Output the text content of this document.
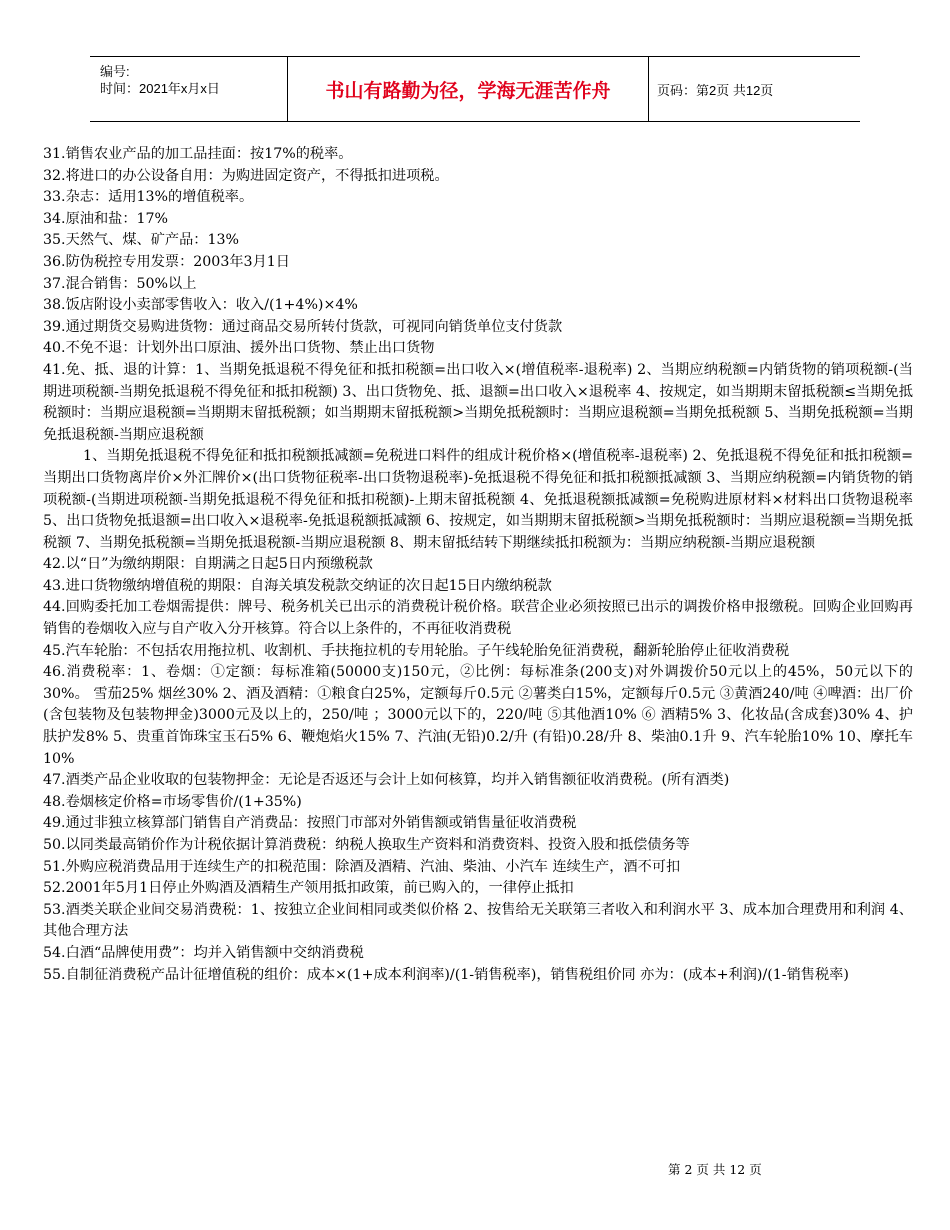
编号:
时间：2021年x月x日	书山有路勤为径，学海无涯苦作舟	页码：第2页 共12页

31.销售农业产品的加工品挂面：按17%的税率。

32.将进口的办公设备自用：为购进固定资产，不得抵扣进项税。

33.杂志：适用13%的增值税率。

34.原油和盐：17%

35.天然气、煤、矿产品：13%

36.防伪税控专用发票：2003年3月1日

37.混合销售：50%以上

38.饭店附设小卖部零售收入：收入/(1+4%)×4%

39.通过期货交易购进货物：通过商品交易所转付货款，可视同向销货单位支付货款

40.不免不退：计划外出口原油、援外出口货物、禁止出口货物

41.免、抵、退的计算：1、当期免抵退税不得免征和抵扣税额=出口收入×(增值税率-退税率) 2、当期应纳税额=内销货物的销项税额-(当期进项税额-当期免抵退税不得免征和抵扣税额) 3、出口货物免、抵、退额=出口收入×退税率 4、按规定，如当期期末留抵税额≤当期免抵税额时：当期应退税额=当期期末留抵税额；如当期期末留抵税额>当期免抵税额时：当期应退税额=当期免抵税额 5、当期免抵税额=当期免抵退税额-当期应退税额

1、当期免抵退税不得免征和抵扣税额抵减额=免税进口料件的组成计税价格×(增值税率-退税率) 2、免抵退税不得免征和抵扣税额=当期出口货物离岸价×外汇牌价×(出口货物征税率-出口货物退税率)-免抵退税不得免征和抵扣税额抵减额 3、当期应纳税额=内销货物的销项税额-(当期进项税额-当期免抵退税不得免征和抵扣税额)-上期末留抵税额 4、免抵退税额抵减额=免税购进原材料×材料出口货物退税率 5、出口货物免抵退额=出口收入×退税率-免抵退税额抵减额 6、按规定，如当期期末留抵税额>当期免抵税额时：当期应退税额=当期免抵税额 7、当期免抵税额=当期免抵退税额-当期应退税额 8、期末留抵结转下期继续抵扣税额为：当期应纳税额-当期应退税额

42.以“日”为缴纳期限：自期满之日起5日内预缴税款

43.进口货物缴纳增值税的期限：自海关填发税款交纳证的次日起15日内缴纳税款

44.回购委托加工卷烟需提供：牌号、税务机关已出示的消费税计税价格。联营企业必须按照已出示的调拨价格申报缴税。回购企业回购再销售的卷烟收入应与自产收入分开核算。符合以上条件的，不再征收消费税

45.汽车轮胎：不包括农用拖拉机、收割机、手扶拖拉机的专用轮胎。子午线轮胎免征消费税，翻新轮胎停止征收消费税

46.消费税率：1、卷烟：①定额：每标准箱(50000支)150元，②比例：每标准条(200支)对外调拨价50元以上的45%，50元以下的30%。 雪茄25% 烟丝30% 2、酒及酒精：①粮食白25%，定额每斤0.5元 ②薯类白15%，定额每斤0.5元 ③黄酒240/吨 ④啤酒：出厂价(含包装物及包装物押金)3000元及以上的，250/吨 ；3000元以下的，220/吨 ⑤其他酒10% ⑥ 酒精5% 3、化妆品(含成套)30% 4、护肤护发8% 5、贵重首饰珠宝玉石5% 6、鞭炮焰火15% 7、汽油(无铅)0.2/升 (有铅)0.28/升 8、柴油0.1升 9、汽车轮胎10% 10、摩托车10%

47.酒类产品企业收取的包装物押金：无论是否返还与会计上如何核算，均并入销售额征收消费税。(所有酒类)

48.卷烟核定价格=市场零售价/(1+35%)

49.通过非独立核算部门销售自产消费品：按照门市部对外销售额或销售量征收消费税

50.以同类最高销价作为计税依据计算消费税：纳税人换取生产资料和消费资料、投资入股和抵偿债务等

51.外购应税消费品用于连续生产的扣税范围：除酒及酒精、汽油、柴油、小汽车 连续生产，酒不可扣

52.2001年5月1日停止外购酒及酒精生产领用抵扣政策，前已购入的，一律停止抵扣

53.酒类关联企业间交易消费税：1、按独立企业间相同或类似价格 2、按售给无关联第三者收入和利润水平 3、成本加合理费用和利润 4、其他合理方法

54.白酒“品牌使用费”：均并入销售额中交纳消费税

55.自制征消费税产品计征增值税的组价：成本×(1+成本利润率)/(1-销售税率)，销售税组价同 亦为：(成本+利润)/(1-销售税率)

第 2 页 共 12 页
